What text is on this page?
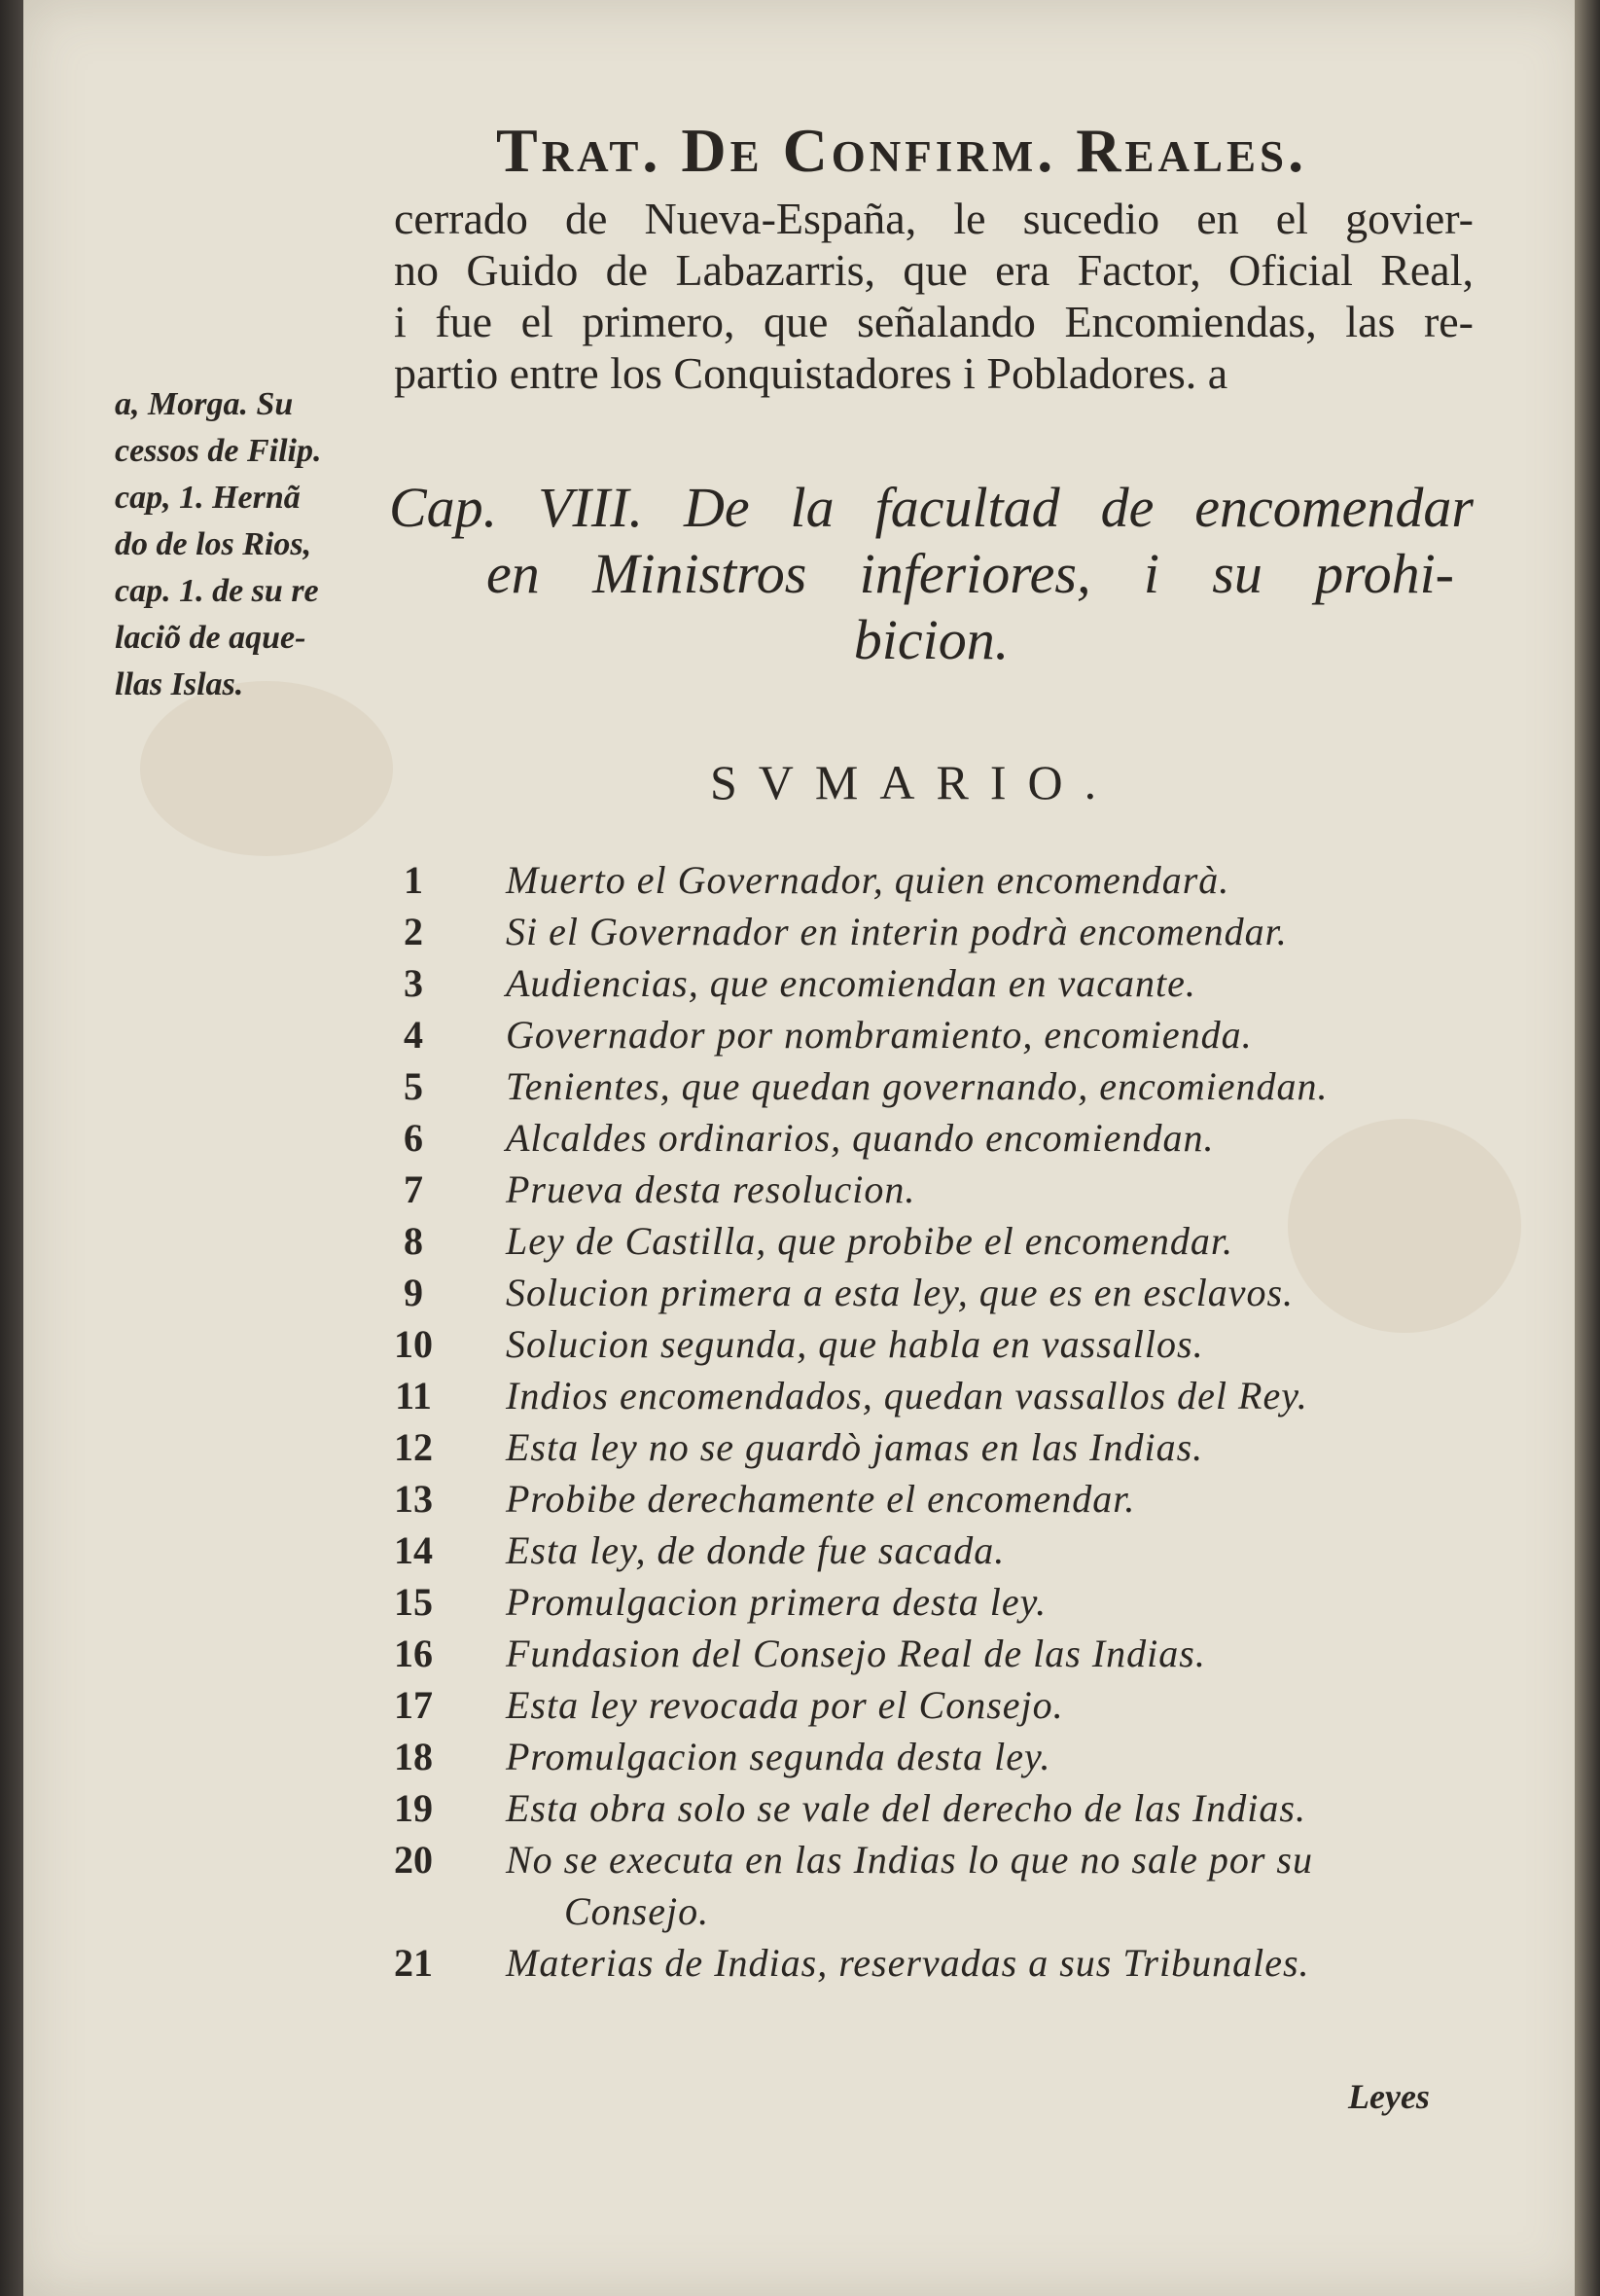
Trat. De Confirm. Reales.
cerrado de Nueva-España, le sucedio en el govier-
no Guido de Labazarris, que era Factor, Oficial Real,
i fue el primero, que señalando Encomiendas, las re-
partio entre los Conquistadores i Pobladores. a
a, Morga. Su
cessos de Filip.
cap, 1. Hernã
do de los Rios,
cap. 1. de su re
laciõ de aque-
llas Islas.
Cap. VIII. De la facultad de encomendar
en Ministros inferiores, i su prohi-
bicion.
SVMARIO.
1	Muerto el Governador, quien encomendarà.
2	Si el Governador en interin podrà encomendar.
3	Audiencias, que encomiendan en vacante.
4	Governador por nombramiento, encomienda.
5	Tenientes, que quedan governando, encomiendan.
6	Alcaldes ordinarios, quando encomiendan.
7	Prueva desta resolucion.
8	Ley de Castilla, que probibe el encomendar.
9	Solucion primera a esta ley, que es en esclavos.
10	Solucion segunda, que habla en vassallos.
11	Indios encomendados, quedan vassallos del Rey.
12	Esta ley no se guardò jamas en las Indias.
13	Probibe derechamente el encomendar.
14	Esta ley, de donde fue sacada.
15	Promulgacion primera desta ley.
16	Fundasion del Consejo Real de las Indias.
17	Esta ley revocada por el Consejo.
18	Promulgacion segunda desta ley.
19	Esta obra solo se vale del derecho de las Indias.
20	No se executa en las Indias lo que no sale por su
Consejo.
21	Materias de Indias, reservadas a sus Tribunales.
Leyes
